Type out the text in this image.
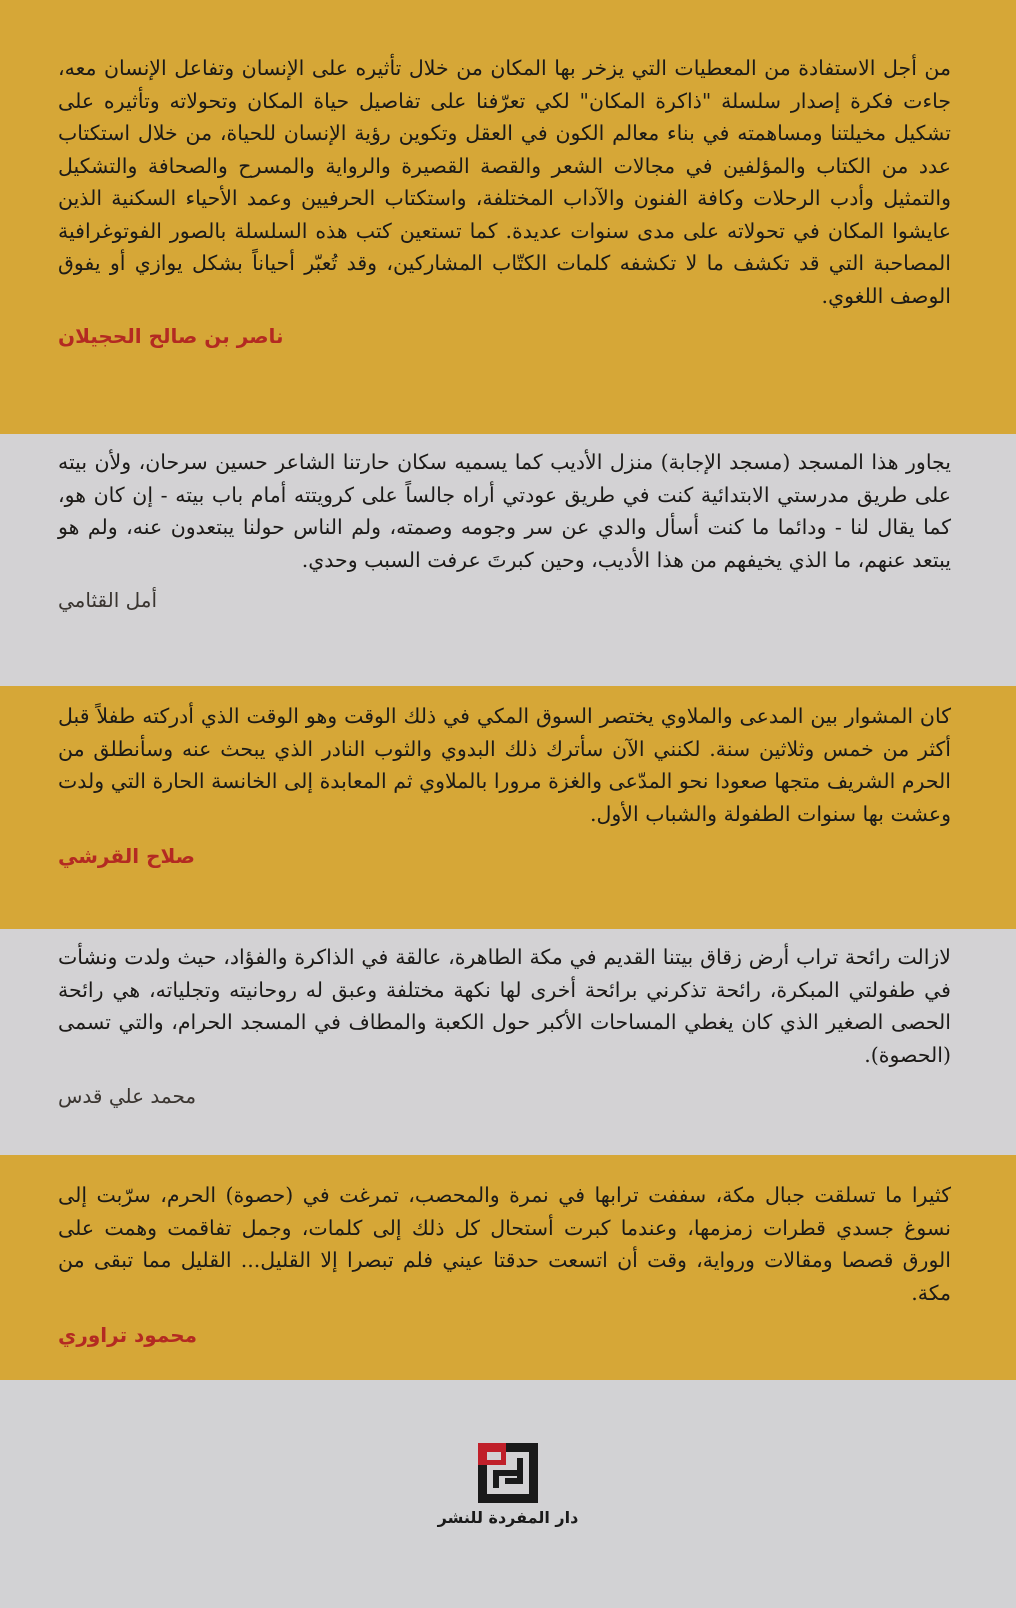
من أجل الاستفادة من المعطيات التي يزخر بها المكان من خلال تأثيره على الإنسان وتفاعل الإنسان معه، جاءت فكرة إصدار سلسلة "ذاكرة المكان" لكي تعرّفنا على تفاصيل حياة المكان وتحولاته وتأثيره على تشكيل مخيلتنا ومساهمته في بناء معالم الكون في العقل وتكوين رؤية الإنسان للحياة، من خلال استكتاب عدد من الكتاب والمؤلفين في مجالات الشعر والقصة القصيرة والرواية والمسرح والصحافة والتشكيل والتمثيل وأدب الرحلات وكافة الفنون والآداب المختلفة، واستكتاب الحرفيين وعمد الأحياء السكنية الذين عايشوا المكان في تحولاته على مدى سنوات عديدة. كما تستعين كتب هذه السلسلة بالصور الفوتوغرافية المصاحبة التي قد تكشف ما لا تكشفه كلمات الكتّاب المشاركين، وقد تُعبّر أحياناً بشكل يوازي أو يفوق الوصف اللغوي.

ناصر بن صالح الحجيلان

يجاور هذا المسجد (مسجد الإجابة) منزل الأديب كما يسميه سكان حارتنا الشاعر حسين سرحان، ولأن بيته على طريق مدرستي الابتدائية كنت في طريق عودتي أراه جالساً على كرويتته أمام باب بيته - إن كان هو، كما يقال لنا - ودائما ما كنت أسأل والدي عن سر وجومه وصمته، ولم الناس حولنا يبتعدون عنه، ولم هو يبتعد عنهم، ما الذي يخيفهم من هذا الأديب، وحين كبرتَ عرفت السبب وحدي.

أمل القثامي

كان المشوار بين المدعى والملاوي يختصر السوق المكي في ذلك الوقت وهو الوقت الذي أدركته طفلاً قبل أكثر من خمس وثلاثين سنة. لكنني الآن سأترك ذلك البدوي والثوب النادر الذي يبحث عنه وسأنطلق من الحرم الشريف متجها صعودا نحو المدّعى والغزة مرورا بالملاوي ثم المعابدة إلى الخانسة الحارة التي ولدت وعشت بها سنوات الطفولة والشباب الأول.

صلاح القرشي

لازالت رائحة تراب أرض زقاق بيتنا القديم في مكة الطاهرة، عالقة في الذاكرة والفؤاد، حيث ولدت ونشأت في طفولتي المبكرة، رائحة تذكرني برائحة أخرى لها نكهة مختلفة وعبق له روحانيته وتجلياته، هي رائحة الحصى الصغير الذي كان يغطي المساحات الأكبر حول الكعبة والمطاف في المسجد الحرام، والتي تسمى (الحصوة).

محمد علي قدس

كثيرا ما تسلقت جبال مكة، سففت ترابها في نمرة والمحصب، تمرغت في (حصوة) الحرم، سرّبت إلى نسوغ جسدي قطرات زمزمها، وعندما كبرت أستحال كل ذلك إلى كلمات، وجمل تفاقمت وهمت على الورق قصصا ومقالات ورواية، وقت أن اتسعت حدقتا عيني فلم تبصرا إلا القليل... القليل مما تبقى من مكة.

محمود تراوري

دار المفردة للنشر
